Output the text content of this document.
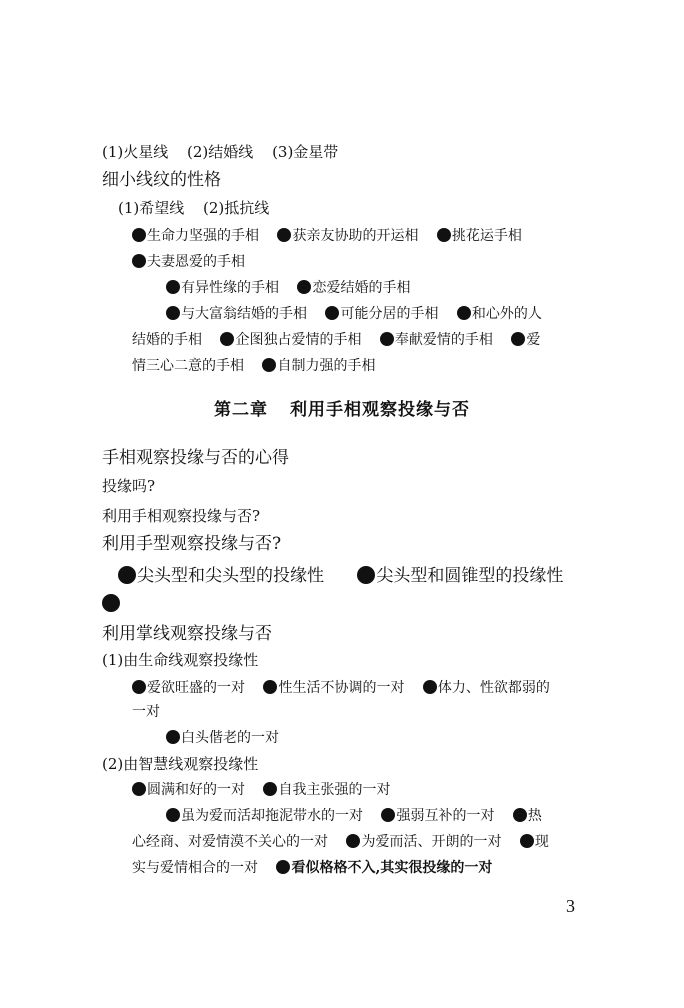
(1)火星线 (2)结婚线 (3)金星带
细小线纹的性格
(1)希望线 (2)抵抗线
生命力坚强的手相 获亲友协助的开运相 挑花运手相
夫妻恩爱的手相
有异性缘的手相 恋爱结婚的手相
与大富翁结婚的手相 可能分居的手相 和心外的人
结婚的手相 企图独占爱情的手相 奉献爱情的手相 爱
情三心二意的手相 自制力强的手相
第二章 利用手相观察投缘与否
手相观察投缘与否的心得
投缘吗?
利用手相观察投缘与否?
利用手型观察投缘与否?
尖头型和尖头型的投缘性	尖头型和圆锥型的投缘性
利用掌线观察投缘与否
(1)由生命线观察投缘性
爱欲旺盛的一对 性生活不协调的一对 体力、性欲都弱的
一对
白头偕老的一对
(2)由智慧线观察投缘性
圆满和好的一对 自我主张强的一对
虽为爱而活却拖泥带水的一对 强弱互补的一对 热
心经商、对爱情漠不关心的一对 为爱而活、开朗的一对 现
实与爱情相合的一对 看似格格不入,其实很投缘的一对
3
